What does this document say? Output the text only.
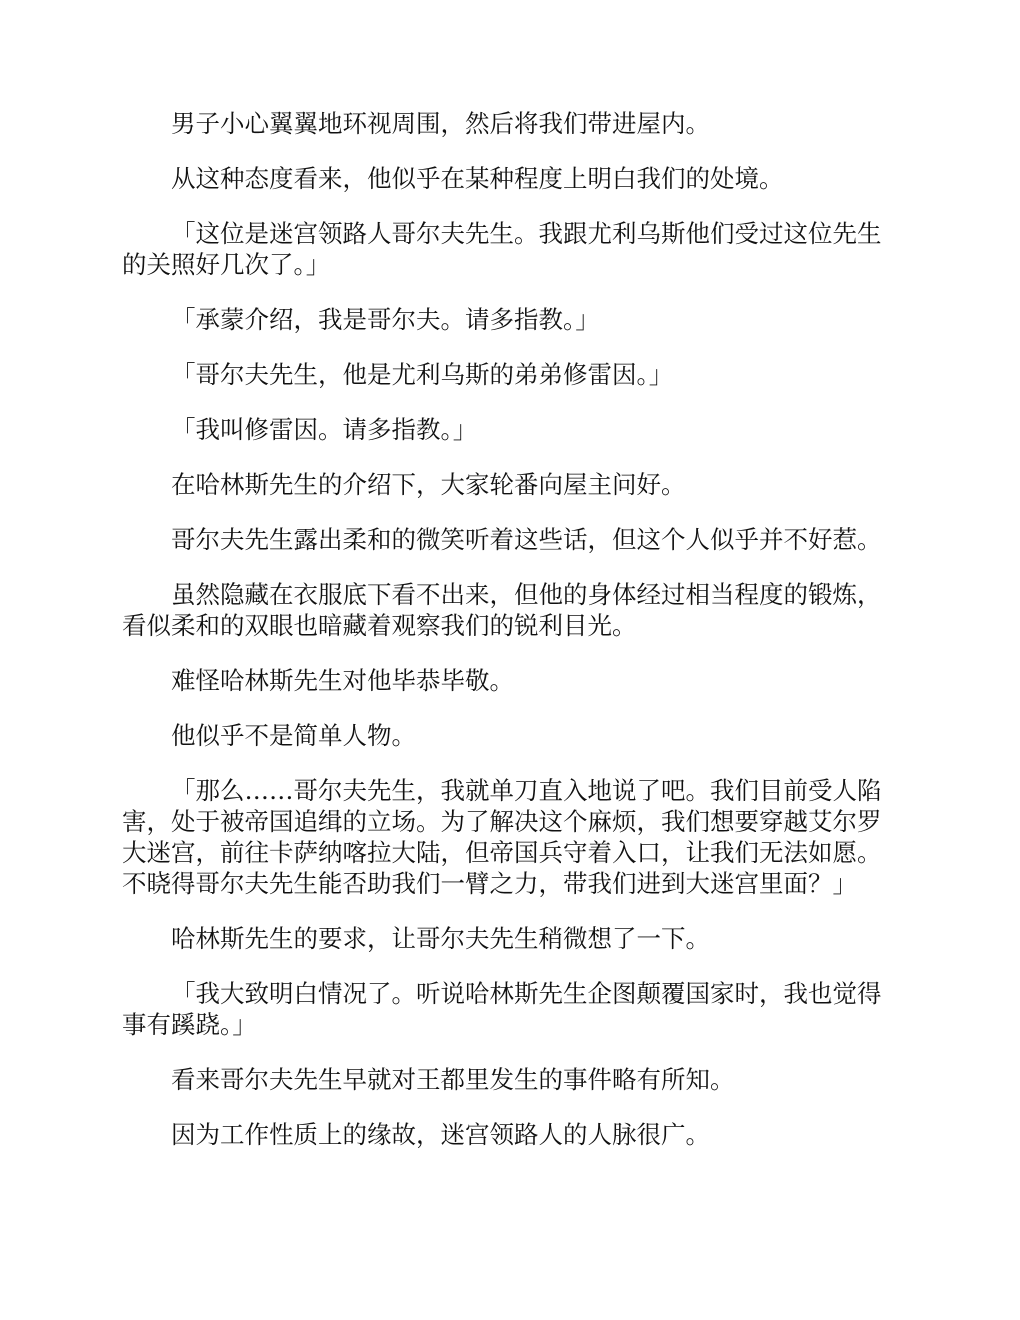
男子小心翼翼地环视周围，然后将我们带进屋内。

从这种态度看来，他似乎在某种程度上明白我们的处境。

「这位是迷宫领路人哥尔夫先生。我跟尤利乌斯他们受过这位先生的关照好几次了。」

「承蒙介绍，我是哥尔夫。请多指教。」

「哥尔夫先生，他是尤利乌斯的弟弟修雷因。」

「我叫修雷因。请多指教。」

在哈林斯先生的介绍下，大家轮番向屋主问好。

哥尔夫先生露出柔和的微笑听着这些话，但这个人似乎并不好惹。

虽然隐藏在衣服底下看不出来，但他的身体经过相当程度的锻炼，看似柔和的双眼也暗藏着观察我们的锐利目光。

难怪哈林斯先生对他毕恭毕敬。

他似乎不是简单人物。

「那么……哥尔夫先生，我就单刀直入地说了吧。我们目前受人陷害，处于被帝国追缉的立场。为了解决这个麻烦，我们想要穿越艾尔罗大迷宫，前往卡萨纳喀拉大陆，但帝国兵守着入口，让我们无法如愿。不晓得哥尔夫先生能否助我们一臂之力，带我们进到大迷宫里面？」

哈林斯先生的要求，让哥尔夫先生稍微想了一下。

「我大致明白情况了。听说哈林斯先生企图颠覆国家时，我也觉得事有蹊跷。」

看来哥尔夫先生早就对王都里发生的事件略有所知。

因为工作性质上的缘故，迷宫领路人的人脉很广。
